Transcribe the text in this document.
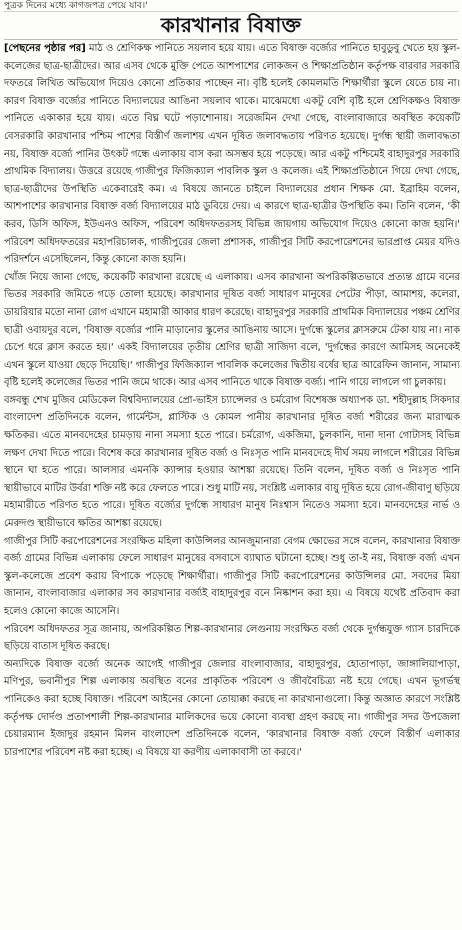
পুত্রক দিনের মধ্যে কাগজপত্র পেয়ে যাব।'
কারখানার বিষাক্ত

[পেছনের পৃষ্ঠার পর] মাঠ ও শ্রেণিকক্ষ পানিতে সয়লাব হয়ে যায়। এতে বিষাক্ত বর্জ্যের পানিতে হাবুডুবু খেতে হয় স্কুল-কলেজের ছাত্র-ছাত্রীদের। আর এসব থেকে মুক্তি পেতে আশপাশের লোকজন ও শিক্ষাপ্রতিষ্ঠান কর্তৃপক্ষ বারবার সরকারি দফতরে লিখিত অভিযোগ দিয়েও কোনো প্রতিকার পাচ্ছেন না। বৃষ্টি হলেই কোমলমতি শিক্ষার্থীরা স্কুলে যেতে চায় না। কারণ বিষাক্ত বর্জ্যের পানিতে বিদ্যালয়ের আঙিনা সয়লাব থাকে। মাঝেমধ্যে একটু বেশি বৃষ্টি হলে শ্রেণিকক্ষও বিষাক্ত পানিতে একাকার হয়ে যায়। এতে বিঘ্ন ঘটে পড়াশোনায়। সরেজমিন দেখা গেছে, বাংলাবাজারে অবস্থিত কয়েকটি বেসরকারি কারখানার পশ্চিম পাশের বিস্তীর্ণ জলাশয় এখন দূষিত জলাবদ্ধতায় পরিণত হয়েছে। দুর্গন্ধ স্থায়ী জলাবদ্ধতা নয়, বিষাক্ত বর্জ্যে পানির উৎকট গন্ধে এলাকায় বাস করা অসম্ভব হয়ে পড়েছে। আর একটু পশ্চিমেই বাহাদুরপুর সরকারি প্রাথমিক বিদ্যালয়। উত্তরে রয়েছে গাজীপুর ফিজিক্যাল পাবলিক স্কুল ও কলেজ। এই শিক্ষাপ্রতিষ্ঠানে গিয়ে দেখা গেছে, ছাত্র-ছাত্রীদের উপস্থিতি একেবারেই কম। এ বিষয়ে জানতে চাইলে বিদ্যালয়ের প্রধান শিক্ষক মো. ইব্রাহিম বলেন, আশপাশের কারখানার বিষাক্ত বর্জ্য বিদ্যালয়ের মাঠ ডুবিয়ে দেয়। এ কারণে ছাত্র-ছাত্রীর উপস্থিতি কম। তিনি বলেন, 'কী করব, ডিসি অফিস, ইউএনও অফিস, পরিবেশ অধিদফতরসহ বিভিন্ন জায়গায় অভিযোগ দিয়েও কোনো কাজ হয়নি।' পরিবেশ অধিদফতরের মহাপরিচালক, গাজীপুরের জেলা প্রশাসক, গাজীপুর সিটি করপোরেশনের ভারপ্রাপ্ত মেয়র যদিও পরিদর্শনে এসেছিলেন, কিন্তু কোনো কাজ হয়নি।

খোঁজ নিয়ে জানা গেছে, কয়েকটি কারখানা রয়েছে এ এলাকায়। এসব কারখানা অপরিকল্পিতভাবে প্রত্যন্ত গ্রামে বনের ভিতর সরকারি জমিতে গড়ে তোলা হয়েছে। কারখানার দূষিত বর্জ্য সাধারণ মানুষের পেটের পীড়া, আমাশয়, কলেরা, ডায়রিয়ার মতো নানা রোগ এখানে মহামারী আকার ধারণ করেছে। বাহাদুরপুর সরকারি প্রাথমিক বিদ্যালয়ের পঞ্চম শ্রেণির ছাত্রী ওবায়দুর বলে, 'বিষাক্ত বর্জ্যের পানি মাড়ানোর স্কুলের আঙিনায় আসে। দুর্গন্ধে স্কুলের ক্লাসরুমে টেকা যায় না। নাক চেপে ধরে ক্লাস করতে হয়।' একই বিদ্যালয়ের তৃতীয় শ্রেণির ছাত্রী সাজিদা বলে, 'দুর্গন্ধের কারণে আমিসহ অনেকেই এখন স্কুলে যাওয়া ছেড়ে দিয়েছি।' গাজীপুর ফিজিক্যাল পাবলিক কলেজের দ্বিতীয় বর্ষের ছাত্র আরেফিন জানান, সামান্য বৃষ্টি হলেই কলেজের ভিতর পানি জমে থাকে। আর এসব পানিতে থাকে বিষাক্ত বর্জ্য। পানি গায়ে লাগলে গা চুলকায়।

বঙ্গবন্ধু শেখ মুজিব মেডিকেল বিশ্ববিদ্যালয়ের প্রো-ভাইস চ্যান্সেলর ও চর্মরোগ বিশেষজ্ঞ অধ্যাপক ডা. শহীদুল্লাহ সিকদার বাংলাদেশ প্রতিদিনকে বলেন, গার্মেন্টস, প্লাস্টিক ও কোমল পানীয় কারখানার দূষিত বর্জ্য শরীরের জন্য মারাত্মক ক্ষতিকর। এতে মানবদেহের চামড়ায় নানা সমস্যা হতে পারে। চর্মরোগ, একজিমা, চুলকানি, দানা দানা গোটাসহ বিভিন্ন লক্ষণ দেখা দিতে পারে। বিশেষ করে কারখানার দূষিত বর্জ্য ও নিঃসৃত পানি মানবদেহে দীর্ঘ সময় লাগলে শরীরের বিভিন্ন স্থানে ঘা হতে পারে। আলসার এমনকি ক্যান্সার হওয়ার আশঙ্কা রয়েছে। তিনি বলেন, দূষিত বর্জ্য ও নিঃসৃত পানি স্থায়ীভাবে মাটির উর্বরা শক্তি নষ্ট করে ফেলতে পারে। শুধু মাটি নয়, সংশ্লিষ্ট এলাকার বায়ু দূষিত হয়ে রোগ-জীবাণু ছড়িয়ে মহামারীতে পরিণত হতে পারে। দূষিত বর্জ্যের দুর্গন্ধে সাধারণ মানুষ নিঃশ্বাস নিতেও সমস্যা হবে। মানবদেহের নার্ভ ও মেরুদণ্ড স্থায়ীভাবে ক্ষতির আশঙ্কা রয়েছে।

গাজীপুর সিটি করপোরেশনের সংরক্ষিত মহিলা কাউন্সিলর আনজুমানারা বেগম ক্ষোভের সঙ্গে বলেন, কারখানার বিষাক্ত বর্জ্য গ্রামের বিভিন্ন এলাকায় ফেলে সাধারণ মানুষের বসবাসে ব্যাঘাত ঘটানো হচ্ছে। শুধু তা-ই নয়, বিষাক্ত বর্জ্য এখন স্কুল-কলেজে প্রবেশ করায় বিপাকে পড়েছে শিক্ষার্থীরা। গাজীপুর সিটি করপোরেশনের কাউন্সিলর মো. সবদের মিয়া জানান, বাংলাবাজার এলাকার সব কারখানার বর্জ্যই বাহাদুরপুর বনে নিষ্কাশন করা হয়। এ বিষয়ে যথেষ্ট প্রতিবাদ করা হলেও কোনো কাজে আসেনি।

পরিবেশ অধিদফতর সূত্র জানায়, অপরিকল্পিত শিল্প-কারখানার লেগুনায় সংরক্ষিত বর্জ্য থেকে দুর্গন্ধযুক্ত গ্যাস চারদিকে ছড়িয়ে বাতাস দূষিত করছে।

অন্যদিকে বিষাক্ত বর্জ্যে অনেক আগেই গাজীপুর জেলার বাংলাবাজার, বাহাদুরপুর, হোতাপাড়া, জাঙ্গালিয়াপাড়া, মণিপুর, ভবানীপুর শিল্প এলাকায় অবস্থিত বনের প্রাকৃতিক পরিবেশ ও জীববৈচিত্র্য নষ্ট হয়ে গেছে। এখন ভূগর্ভস্থ পানিকেও করা হচ্ছে বিষাক্ত। পরিবেশ আইনের কোনো তোয়াক্কা করছে না কারখানাগুলো। কিন্তু অজ্ঞাত কারণে সংশ্লিষ্ট কর্তৃপক্ষ দোর্দণ্ড প্রতাপশালী শিল্প-কারখানার মালিকদের ভয়ে কোনো ব্যবস্থা গ্রহণ করছে না। গাজীপুর সদর উপজেলা চেয়ারম্যান ইজাদুর রহমান মিলন বাংলাদেশ প্রতিদিনকে বলেন, 'কারখানার বিষাক্ত বর্জ্য ফেলে বিস্তীর্ণ এলাকার চারপাশের পরিবেশ নষ্ট করা হচ্ছে। এ বিষয়ে যা করণীয় এলাকাবাসী তা করবে।'
